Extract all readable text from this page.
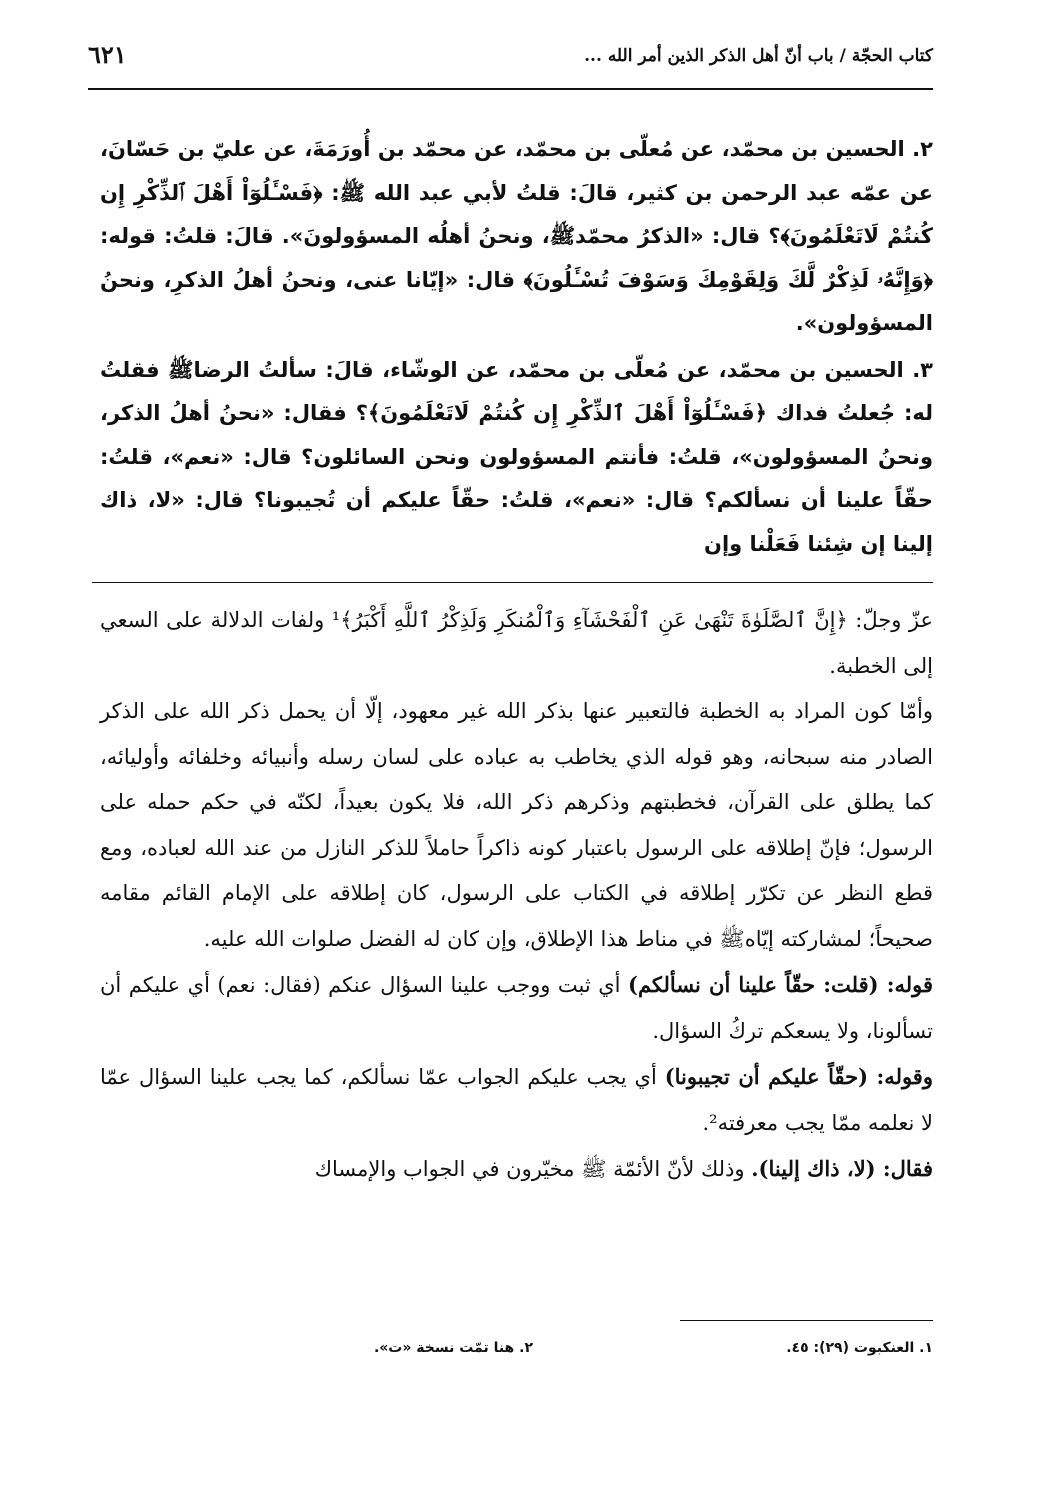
كتاب الحجّة / باب أنّ أهل الذكر الذين أمر الله ...
٦٢١

٢. الحسين بن محمّد، عن مُعلّى بن محمّد، عن محمّد بن أُورَمَةَ، عن عليّ بن حَسّانَ، عن عمّه عبد الرحمن بن كثير، قالَ: قلتُ لأبي عبد الله ﷺ: ﴿فَسْـَٔلُوٓاْ أَهْلَ ٱلذِّكْرِ إِن كُنتُمْ لَاتَعْلَمُونَ﴾؟ قال: «الذكرُ محمّدﷺ، ونحنُ أهلُه المسؤولونَ». قالَ: قلتُ: قوله: ﴿وَإِنَّهُۥ لَذِكْرٌ لَّكَ وَلِقَوْمِكَ وَسَوْفَ تُسْـَٔلُونَ﴾ قال: «إيّانا عنى، ونحنُ أهلُ الذكرِ، ونحنُ المسؤولون».

٣. الحسين بن محمّد، عن مُعلّى بن محمّد، عن الوشّاء، قالَ: سألتُ الرضاﷺ فقلتُ له: جُعلتُ فداك ﴿فَسْـَٔلُوٓاْ أَهْلَ ٱلذِّكْرِ إِن كُنتُمْ لَاتَعْلَمُونَ﴾؟ فقال: «نحنُ أهلُ الذكر، ونحنُ المسؤولون»، قلتُ: فأنتم المسؤولون ونحن السائلون؟ قال: «نعم»، قلتُ: حقّاً علينا أن نسألكم؟ قال: «نعم»، قلتُ: حقّاً عليكم أن تُجيبونا؟ قال: «لا، ذاك إلينا إن شِئنا فَعَلْنا وإن

عزّ وجلّ: ﴿إِنَّ ٱلصَّلَوٰةَ تَنْهَىٰ عَنِ ٱلْفَحْشَآءِ وَٱلْمُنكَرِ وَلَذِكْرُ ٱللَّهِ أَكْبَرُ﴾¹ ولفات الدلالة على السعي إلى الخطبة.

وأمّا كون المراد به الخطبة فالتعبير عنها بذكر الله غير معهود، إلّا أن يحمل ذكر الله على الذكر الصادر منه سبحانه، وهو قوله الذي يخاطب به عباده على لسان رسله وأنبيائه وخلفائه وأوليائه، كما يطلق على القرآن، فخطبتهم وذكرهم ذكر الله، فلا يكون بعيداً، لكنّه في حكم حمله على الرسول؛ فإنّ إطلاقه على الرسول باعتبار كونه ذاكراً حاملاً للذكر النازل من عند الله لعباده، ومع قطع النظر عن تكرّر إطلاقه في الكتاب على الرسول، كان إطلاقه على الإمام القائم مقامه صحيحاً؛ لمشاركته إيّاهﷺ في مناط هذا الإطلاق، وإن كان له الفضل صلوات الله عليه.

قوله: (قلت: حقّاً علينا أن نسألكم) أي ثبت ووجب علينا السؤال عنكم (فقال: نعم) أي عليكم أن تسألونا، ولا يسعكم تركُ السؤال.

وقوله: (حقّاً عليكم أن تجيبونا) أي يجب عليكم الجواب عمّا نسألكم، كما يجب علينا السؤال عمّا لا نعلمه ممّا يجب معرفته².

فقال: (لا، ذاك إلينا). وذلك لأنّ الأئمّة ﷺ مخيّرون في الجواب والإمساك

١. العنكبوت (٢٩): ٤٥.
٢. هنا تمّت نسخة «ت».
